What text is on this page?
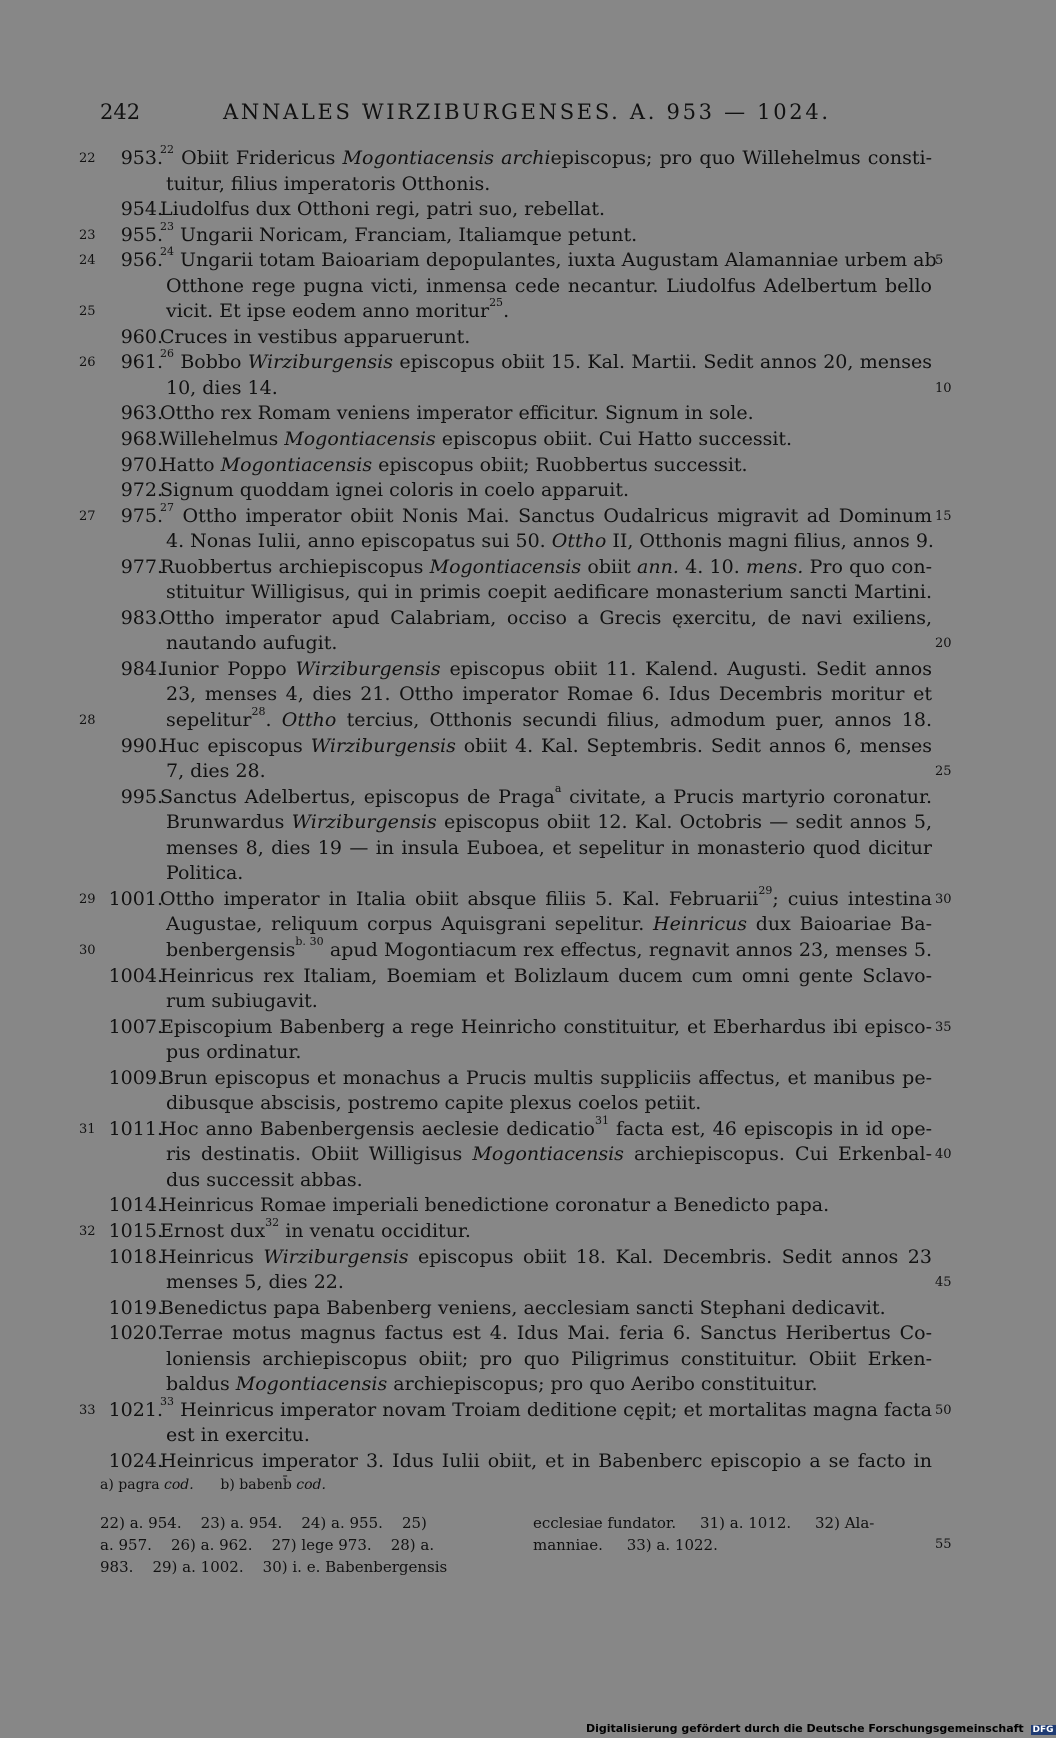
242	ANNALES WIRZIBURGENSES. A. 953 — 1024.
953.
22
$^{22}$ Obiit Fridericus Mogontiacensis archiepiscopus; pro quo Willehelmus consti-
tuitur, filius imperatoris Otthonis.
954.
Liudolfus dux Otthoni regi, patri suo, rebellat.
955.
23
$^{23}$ Ungarii Noricam, Franciam, Italiamque petunt.
956.
24
$^{24}$ Ungarii totam Baioariam depopulantes, iuxta Augustam Alamanniae urbem ab
5
Otthone rege pugna victi, inmensa cede necantur. Liudolfus Adelbertum bello
25	vicit. Et ipse eodem anno moritur$^{25}$.
960.
Cruces in vestibus apparuerunt.
961.
26
$^{26}$ Bobbo Wirziburgensis episcopus obiit 15. Kal. Martii. Sedit annos 20, menses
10, dies 14.	10
963.
Ottho rex Romam veniens imperator efficitur. Signum in sole.
968.
Willehelmus Mogontiacensis episcopus obiit. Cui Hatto successit.
970.
Hatto Mogontiacensis episcopus obiit; Ruobbertus successit.
972.
Signum quoddam ignei coloris in coelo apparuit.
975.
27
$^{27}$ Ottho imperator obiit Nonis Mai. Sanctus Oudalricus migravit ad Dominum 15
4. Nonas Iulii, anno episcopatus sui 50. Ottho II, Otthonis magni filius, annos 9.
977.
Ruobbertus archiepiscopus Mogontiacensis obiit ann. 4. 10. mens. Pro quo con-
stituitur Willigisus, qui in primis coepit aedificare monasterium sancti Martini.
983.
Ottho imperator apud Calabriam, occiso a Grecis ęxercitu, de navi exiliens,
nautando aufugit.	20
984.
Iunior Poppo Wirziburgensis episcopus obiit 11. Kalend. Augusti. Sedit annos
23, menses 4, dies 21. Ottho imperator Romae 6. Idus Decembris moritur et
28	sepelitur$^{28}$. Ottho tercius, Otthonis secundi filius, admodum puer, annos 18.
990.
Huc episcopus Wirziburgensis obiit 4. Kal. Septembris. Sedit annos 6, menses
7, dies 28.	25
995.
Sanctus Adelbertus, episcopus de Praga$^a$ civitate, a Prucis martyrio coronatur.
Brunwardus Wirziburgensis episcopus obiit 12. Kal. Octobris — sedit annos 5,
menses 8, dies 19 — in insula Euboea, et sepelitur in monasterio quod dicitur
Politica.
1001.
29	Ottho imperator in Italia obiit absque filiis 5. Kal. Februarii$^{29}$; cuius intestina 30
Augustae, reliquum corpus Aquisgrani sepelitur. Heinricus dux Baioariae Ba-
30	benbergensis$^{b. 30}$ apud Mogontiacum rex effectus, regnavit annos 23, menses 5.
1004.
Heinricus rex Italiam, Boemiam et Bolizlaum ducem cum omni gente Sclavo-
rum subiugavit.
1007.
Episcopium Babenberg a rege Heinricho constituitur, et Eberhardus ibi episco- 35
pus ordinatur.
1009.
Brun episcopus et monachus a Prucis multis suppliciis affectus, et manibus pe-
dibusque abscisis, postremo capite plexus coelos petiit.
1011.
31	Hoc anno Babenbergensis aeclesie dedicatio$^{31}$ facta est, 46 episcopis in id ope-
ris destinatis. Obiit Willigisus Mogontiacensis archiepiscopus. Cui Erkenbal- 40
dus successit abbas.
1014.
Heinricus Romae imperiali benedictione coronatur a Benedicto papa.
1015.
32	Ernost dux$^{32}$ in venatu occiditur.
1018.
Heinricus Wirziburgensis episcopus obiit 18. Kal. Decembris. Sedit annos 23
menses 5, dies 22.	45
1019.
Benedictus papa Babenberg veniens, aecclesiam sancti Stephani dedicavit.
1020.
Terrae motus magnus factus est 4. Idus Mai. feria 6. Sanctus Heribertus Co-
loniensis archiepiscopus obiit; pro quo Piligrimus constituitur. Obiit Erken-
baldus Mogontiacensis archiepiscopus; pro quo Aeribo constituitur.
1021.
33
$^{33}$ Heinricus imperator novam Troiam deditione cępit; et mortalitas magna facta 50
est in exercitu.
1024.
Heinricus imperator 3. Idus Iulii obiit, et in Babenberc episcopio a se facto in
a) pagra cod.      b) babenb̄ cod.
22) a. 954.    23) a. 954.    24) a. 955.    25)	ecclesiae fundator.     31) a. 1012.     32) Ala-
a. 957.    26) a. 962.    27) lege 973.    28) a.	manniae.     33) a. 1022.	55
983.    29) a. 1002.    30) i. e. Babenbergensis
Digitalisierung gefördert durch die Deutsche Forschungsgemeinschaft DFG
